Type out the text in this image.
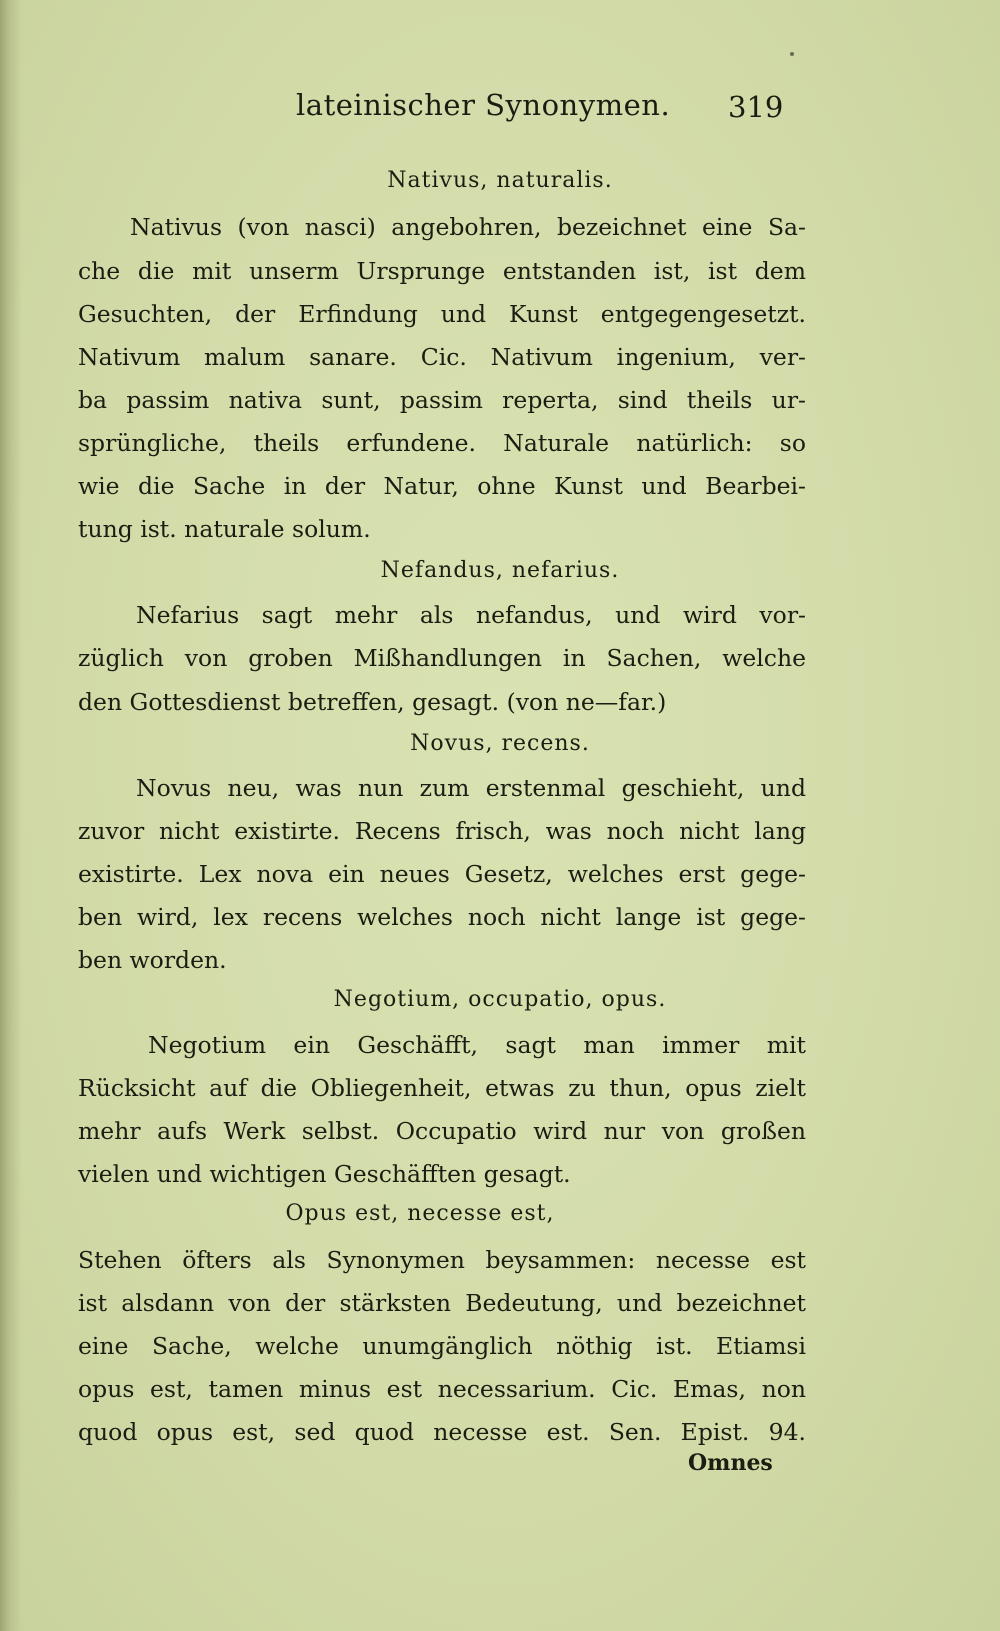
lateinischer Synonymen. 319
Nativus, naturalis.
Nativus (von nasci) angebohren, bezeichnet eine Sa-
che die mit unserm Ursprunge entstanden ist, ist dem
Gesuchten, der Erfindung und Kunst entgegengesetzt.
Nativum malum sanare. Cic. Nativum ingenium, ver-
ba passim nativa sunt, passim reperta, sind theils ur-
sprüngliche, theils erfundene. Naturale natürlich: so
wie die Sache in der Natur, ohne Kunst und Bearbei-
tung ist. naturale solum.
Nefandus, nefarius.
Nefarius sagt mehr als nefandus, und wird vor-
züglich von groben Mißhandlungen in Sachen, welche
den Gottesdienst betreffen, gesagt. (von ne—far.)
Novus, recens.
Novus neu, was nun zum erstenmal geschieht, und
zuvor nicht existirte. Recens frisch, was noch nicht lang
existirte. Lex nova ein neues Gesetz, welches erst gege-
ben wird, lex recens welches noch nicht lange ist gege-
ben worden.
Negotium, occupatio, opus.
Negotium ein Geschäfft, sagt man immer mit
Rücksicht auf die Obliegenheit, etwas zu thun, opus zielt
mehr aufs Werk selbst. Occupatio wird nur von großen
vielen und wichtigen Geschäfften gesagt.
Opus est, necesse est,
Stehen öfters als Synonymen beysammen: necesse est
ist alsdann von der stärksten Bedeutung, und bezeichnet
eine Sache, welche unumgänglich nöthig ist. Etiamsi
opus est, tamen minus est necessarium. Cic. Emas, non
quod opus est, sed quod necesse est. Sen. Epist. 94.
Omnes
